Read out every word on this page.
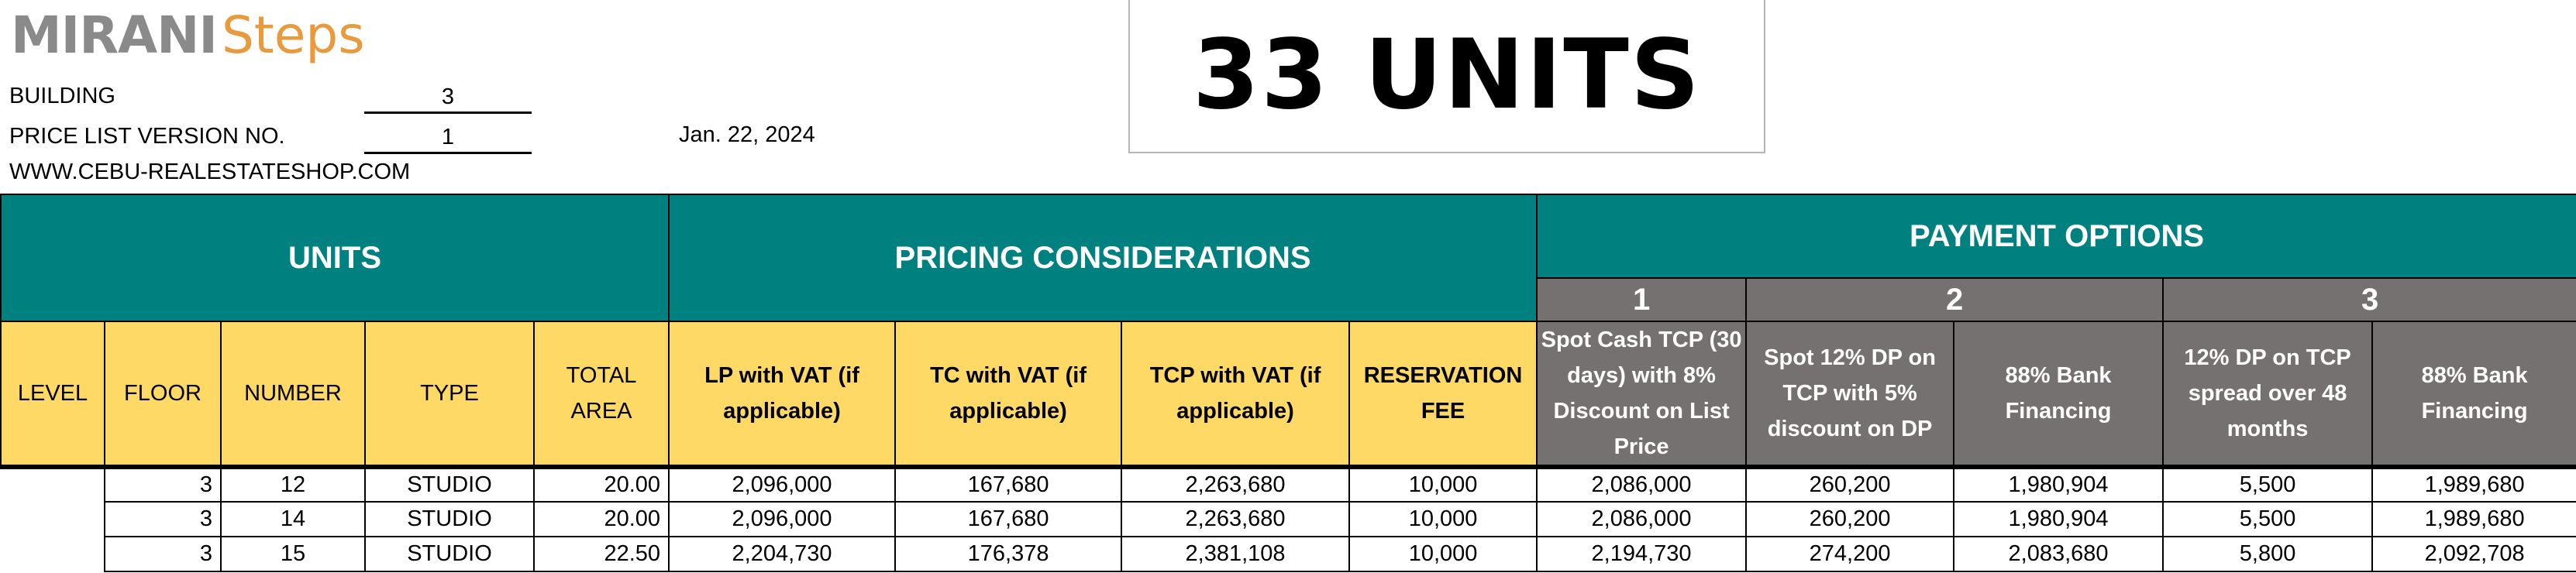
MIRANI Steps
BUILDING	3
PRICE LIST VERSION NO.	1
WWW.CEBU-REALESTATESHOP.COM
Jan. 22, 2024
33 UNITS
UNITS					PRICING CONSIDERATIONS				PAYMENT OPTIONS				
									1	2		3	
LEVEL	FLOOR	NUMBER	TYPE	TOTAL AREA	LP with VAT (if applicable)	TC with VAT (if applicable)	TCP with VAT (if applicable)	RESERVATION FEE	Spot Cash TCP (30 days) with 8% Discount on List Price	Spot 12% DP on TCP with 5% discount on DP	88% Bank Financing	12% DP on TCP spread over 48 months	88% Bank Financing
	3	12	STUDIO	20.00	2,096,000	167,680	2,263,680	10,000	2,086,000	260,200	1,980,904	5,500	1,989,680
	3	14	STUDIO	20.00	2,096,000	167,680	2,263,680	10,000	2,086,000	260,200	1,980,904	5,500	1,989,680
	3	15	STUDIO	22.50	2,204,730	176,378	2,381,108	10,000	2,194,730	274,200	2,083,680	5,800	2,092,708
